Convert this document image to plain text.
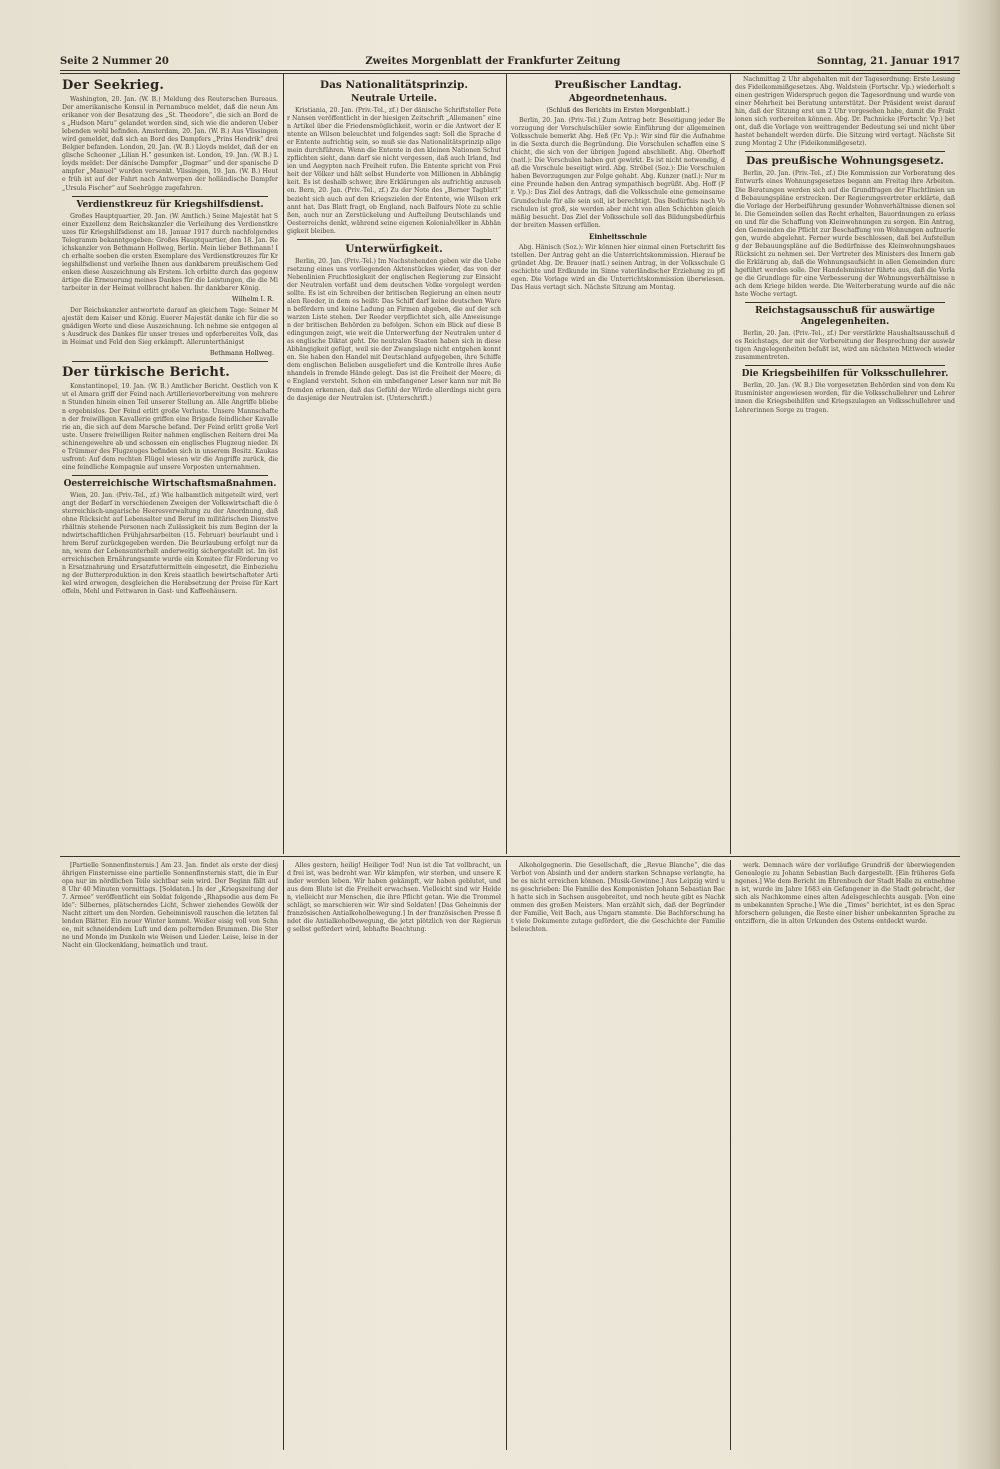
Seite 2 Nummer 20	Zweites Morgenblatt der Frankfurter Zeitung	Sonntag, 21. Januar 1917
Der Seekrieg.

Washington, 20. Jan. (W. B.) Meldung des Reuterschen Bureaus. Der amerikanische Konsul in Pernambuco meldet, daß die neun Amerikaner von der Besatzung des „St. Theodore“, die sich an Bord des „Hudson Maru“ gelandet worden sind, sich wie die anderen Ueberlebenden wohl befinden. Amsterdam, 20. Jan. (W. B.) Aus Vlissingen wird gemeldet, daß sich an Bord des Dampfers „Prins Hendrik“ drei Belgier befanden. London, 20. Jan. (W. B.) Lloyds meldet, daß der englische Schooner „Lilian H.“ gesunken ist. London, 19. Jan. (W. B.) Lloyds meldet: Der dänische Dampfer „Dagmar“ und der spanische Dampfer „Manuel“ wurden versenkt. Vlissingen, 19. Jan. (W. B.) Heute früh ist auf der Fahrt nach Antwerpen der holländische Dampfer „Ursula Fischer“ auf Seebrügge zugefahren.

Verdienstkreuz für Kriegshilfsdienst.

Großes Hauptquartier, 20. Jan. (W. Amtlich.) Seine Majestät hat Seiner Exzellenz dem Reichskanzler die Verleihung des Verdienstkreuzes für Kriegshilfsdienst am 18. Januar 1917 durch nachfolgendes Telegramm bekanntgegeben: Großes Hauptquartier, den 18. Jan. Reichskanzler von Bethmann Hollweg, Berlin. Mein lieber Bethmann! Ich erhalte soeben die ersten Exemplare des Verdienstkreuzes für Kriegshilfsdienst und verleihe Ihnen aus dankbarem preußischem Gedenken diese Auszeichnung als Erstem. Ich erbitte durch das gegenwärtige die Erneuerung meines Dankes für die Leistungen, die die Mitarbeiter in der Heimat vollbracht haben. Ihr dankbarer König.

Wilhelm I. R.

Der Reichskanzler antwortete darauf an gleichem Tage: Seiner Majestät dem Kaiser und König. Euerer Majestät danke ich für die so gnädigen Worte und diese Auszeichnung. Ich nehme sie entgegen als Ausdruck des Dankes für unser treues und opferbereites Volk, das in Heimat und Feld den Sieg erkämpft. Allerunterthänigst

Bethmann Hollweg.
Der türkische Bericht.

Konstantinopel, 19. Jan. (W. B.) Amtlicher Bericht. Oestlich von Kut el Amara griff der Feind nach Artillerievorbereitung von mehreren Stunden hinein einen Teil unserer Stellung an. Alle Angriffe blieben ergebnislos. Der Feind erlitt große Verluste. Unsere Mannschaften der freiwilligen Kavallerie griffen eine Brigade feindlicher Kavallerie an, die sich auf dem Marsche befand. Der Feind erlitt große Verluste. Unsere freiwilligen Reiter nahmen englischen Reitern drei Maschinengewehre ab und schossen ein englisches Flugzeug nieder. Die Trümmer des Flugzeuges befinden sich in unserem Besitz. Kaukasusfront: Auf dem rechten Flügel wiesen wir die Angriffe zurück, die eine feindliche Kompagnie auf unsere Vorposten unternahmen.

Oesterreichische Wirtschaftsmaßnahmen.

Wien, 20. Jan. (Priv.-Tel., zf.) Wie halbamtlich mitgeteilt wird, verlangt der Bedarf in verschiedenen Zweigen der Volkswirtschaft die österreichisch-ungarische Heeresverwaltung zu der Anordnung, daß ohne Rücksicht auf Lebensalter und Beruf im militärischen Dienstverhältnis stehende Personen nach Zulässigkeit bis zum Beginn der landwirtschaftlichen Frühjahrsarbeiten (15. Februar) beurlaubt und ihrem Beruf zurückgegeben werden. Die Beurlaubung erfolgt nur dann, wenn der Lebensunterhalt anderweitig sichergestellt ist. Im österreichischen Ernährungsamte wurde ein Komitee für Förderung von Ersatznahrung und Ersatzfuttermitteln eingesetzt, die Einbeziehung der Butterproduktion in den Kreis staatlich bewirtschafteter Artikel wird erwogen, desgleichen die Herabsetzung der Preise für Kartoffeln, Mehl und Fettwaren in Gast- und Kaffeehäusern.

Das Nationalitätsprinzip.
Neutrale Urteile.

Kristiania, 20. Jan. (Priv.-Tel., zf.) Der dänische Schriftsteller Peter Nansen veröffentlicht in der hiesigen Zeitschrift „Allemanen“ einen Artikel über die Friedensmöglichkeit, worin er die Antwort der Entente an Wilson beleuchtet und folgendes sagt: Soll die Sprache der Entente aufrichtig sein, so muß sie das Nationalitätsprinzip allgemein durchführen. Wenn die Entente in den kleinen Nationen Schutzpflichten sieht, dann darf sie nicht vergessen, daß auch Irland, Indien und Aegypten nach Freiheit rufen. Die Entente spricht von Freiheit der Völker und hält selbst Hunderte von Millionen in Abhängigkeit. Es ist deshalb schwer, ihre Erklärungen als aufrichtig anzusehen. Bern, 20. Jan. (Priv.-Tel., zf.) Zu der Note des „Berner Tagblatt“ bezieht sich auch auf den Kriegszielen der Entente, wie Wilson erkannt hat. Das Blatt fragt, ob England, nach Balfours Note zu schließen, auch nur an Zerstückelung und Aufteilung Deutschlands und Oesterreichs denkt, während seine eigenen Kolonialvölker in Abhängigkeit bleiben.

Unterwürfigkeit.

Berlin, 20. Jan. (Priv.-Tel.) Im Nachstehenden geben wir die Uebersetzung eines uns vorliegenden Aktenstückes wieder, das von der Nebenlinien Fruchtlosigkeit der englischen Regierung zur Einsicht der Neutralen verfaßt und dem deutschen Volke vorgelegt werden sollte. Es ist ein Schreiben der britischen Regierung an einen neutralen Reeder, in dem es heißt: Das Schiff darf keine deutschen Waren befördern und keine Ladung an Firmen abgeben, die auf der schwarzen Liste stehen. Der Reeder verpflichtet sich, alle Anweisungen der britischen Behörden zu befolgen. Schon ein Blick auf diese Bedingungen zeigt, wie weit die Unterwerfung der Neutralen unter das englische Diktat geht. Die neutralen Staaten haben sich in diese Abhängigkeit gefügt, weil sie der Zwangslage nicht entgehen konnten. Sie haben den Handel mit Deutschland aufgegeben, ihre Schiffe dem englischen Belieben ausgeliefert und die Kontrolle ihres Außenhandels in fremde Hände gelegt. Das ist die Freiheit der Meere, die England versteht. Schon ein unbefangener Leser kann nur mit Befremden erkennen, daß das Gefühl der Würde allerdings nicht gerade dasjenige der Neutralen ist. (Unterschrift.)

Preußischer Landtag.
Abgeordnetenhaus.
(Schluß des Berichts im Ersten Morgenblatt.)

Berlin, 20. Jan. (Priv.-Tel.) Zum Antrag betr. Beseitigung jeder Bevorzugung der Vorschulschüler sowie Einführung der allgemeinen Volksschule bemerkt Abg. Heß (Fr. Vp.): Wir sind für die Aufnahme in die Sexta durch die Begründung. Die Vorschulen schaffen eine Schicht, die sich von der übrigen Jugend abschließt. Abg. Oberhoff (natl.): Die Vorschulen haben gut gewirkt. Es ist nicht notwendig, daß die Vorschule beseitigt wird. Abg. Ströbel (Soz.): Die Vorschulen haben Bevorzugungen zur Folge gehabt. Abg. Kunzer (natl.): Nur meine Freunde haben den Antrag sympathisch begrüßt. Abg. Hoff (Fr. Vp.): Das Ziel des Antrags, daß die Volksschule eine gemeinsame Grundschule für alle sein soll, ist berechtigt. Das Bedürfnis nach Vorschulen ist groß, sie werden aber nicht von allen Schichten gleichmäßig besucht. Das Ziel der Volksschule soll das Bildungsbedürfnis der breiten Massen erfüllen.

Einheitsschule

Abg. Hänisch (Soz.): Wir können hier einmal einen Fortschritt feststellen. Der Antrag geht an die Unterrichtskommission. Hierauf begründet Abg. Dr. Brauer (natl.) seinen Antrag, in der Volksschule Geschichte und Erdkunde im Sinne vaterländischer Erziehung zu pflegen. Die Vorlage wird an die Unterrichtskommission überwiesen. Das Haus vertagt sich. Nächste Sitzung am Montag.

Nachmittag 2 Uhr abgehalten mit der Tagesordnung: Erste Lesung des Fideikommißgesetzes. Abg. Waldstein (Fortschr. Vp.) wiederholt seinen gestrigen Widerspruch gegen die Tagesordnung und wurde von einer Mehrheit bei Beratung unterstützt. Der Präsident weist darauf hin, daß der Sitzung erst um 2 Uhr vorgesehen habe, damit die Fraktionen sich vorbereiten können. Abg. Dr. Pachnicke (Fortschr. Vp.) betont, daß die Vorlage von weittragender Bedeutung sei und nicht überhastet behandelt werden dürfe. Die Sitzung wird vertagt. Nächste Sitzung Montag 2 Uhr (Fideikommißgesetz).

Das preußische Wohnungsgesetz.

Berlin, 20. Jan. (Priv.-Tel., zf.) Die Kommission zur Vorberatung des Entwurfs eines Wohnungsgesetzes begann am Freitag ihre Arbeiten. Die Beratungen werden sich auf die Grundfragen der Fluchtlinien und Bebauungspläne erstrecken. Der Regierungsvertreter erklärte, daß die Vorlage der Herbeiführung gesunder Wohnverhältnisse dienen solle. Die Gemeinden sollen das Recht erhalten, Bauordnungen zu erlassen und für die Schaffung von Kleinwohnungen zu sorgen. Ein Antrag, den Gemeinden die Pflicht zur Beschaffung von Wohnungen aufzuerlegen, wurde abgelehnt. Ferner wurde beschlossen, daß bei Aufstellung der Bebauungspläne auf die Bedürfnisse des Kleinwohnungsbaues Rücksicht zu nehmen sei. Der Vertreter des Ministers des Innern gab die Erklärung ab, daß die Wohnungsaufsicht in allen Gemeinden durchgeführt werden solle. Der Handelsminister führte aus, daß die Vorlage die Grundlage für eine Verbesserung der Wohnungsverhältnisse nach dem Kriege bilden werde. Die Weiterberatung wurde auf die nächste Woche vertagt.

Reichstagsausschuß für auswärtige Angelegenheiten.

Berlin, 20. Jan. (Priv.-Tel., zf.) Der verstärkte Haushaltsausschuß des Reichstags, der mit der Vorbereitung der Besprechung der auswärtigen Angelegenheiten befaßt ist, wird am nächsten Mittwoch wieder zusammentreten.

Die Kriegsbeihilfen für Volksschullehrer.

Berlin, 20. Jan. (W. B.) Die vorgesetzten Behörden sind von dem Kultusminister angewiesen worden, für die Volksschullehrer und Lehrerinnen die Kriegsbeihilfen und Kriegszulagen an Volksschullehrer und Lehrerinnen Sorge zu tragen.

[Partielle Sonnenfinsternis.] Am 23. Jan. findet als erste der diesjährigen Finsternisse eine partielle Sonnenfinsternis statt, die in Europa nur im nördlichen Teile sichtbar sein wird. Der Beginn fällt auf 8 Uhr 40 Minuten vormittags. [Soldaten.] In der „Kriegszeitung der 7. Armee“ veröffentlicht ein Soldat folgende „Rhapsodie aus dem Felde“: Silbernes, plätscherndes Licht, Schwer ziehendes Gewölk der Nacht zittert um den Norden. Geheimnisvoll rauschen die letzten fallenden Blätter. Ein neuer Winter kommt. Weißer eisig voll von Schnee, mit schneidendem Luft und dem polternden Brummen. Die Sterne und Monde im Dunkeln wie Weisen und Lieder. Leise, leise in der Nacht ein Glockenklang, heimatlich und traut.

Alles gestern, heilig! Heiliger Tod! Nun ist die Tat vollbracht, und frei ist, was bedroht war. Wir kämpfen, wir sterben, und unsere Kinder werden leben. Wir haben gekämpft, wir haben geblutet, und aus dem Blute ist die Freiheit erwachsen. Vielleicht sind wir Helden, vielleicht nur Menschen, die ihre Pflicht getan. Wie die Trommel schlägt, so marschieren wir. Wir sind Soldaten! [Das Geheimnis der französischen Antialkoholbewegung.] In der französischen Presse findet die Antialkoholbewegung, die jetzt plötzlich von der Regierung selbst gefördert wird, lebhafte Beachtung.

Alkoholgegnerin. Die Gesellschaft, die „Revue Blanche“, die das Verbot von Absinth und der andern starken Schnapse verlangte, habe es nicht erreichen können. [Musik-Gewinne.] Aus Leipzig wird uns geschrieben: Die Familie des Komponisten Johann Sebastian Bach hatte sich in Sachsen ausgebreitet, und noch heute gibt es Nachkommen des großen Meisters. Man erzählt sich, daß der Begründer der Familie, Veit Bach, aus Ungarn stammte. Die Bachforschung hat viele Dokumente zutage gefördert, die die Geschichte der Familie beleuchten.

werk. Demnach wäre der vorläufige Grundriß der überwiegenden Genealogie zu Johann Sebastian Bach dargestellt. [Ein früheres Gefangenes.] Wie dem Bericht im Ehrenbuch der Stadt Halle zu entnehmen ist, wurde im Jahre 1683 ein Gefangener in die Stadt gebracht, der sich als Nachkomme eines alten Adelsgeschlechts ausgab. [Von einem unbekannten Sprache.] Wie die „Times“ berichtet, ist es den Sprachforschern gelungen, die Reste einer bisher unbekannten Sprache zu entziffern, die in alten Urkunden des Ostens entdeckt wurde.
